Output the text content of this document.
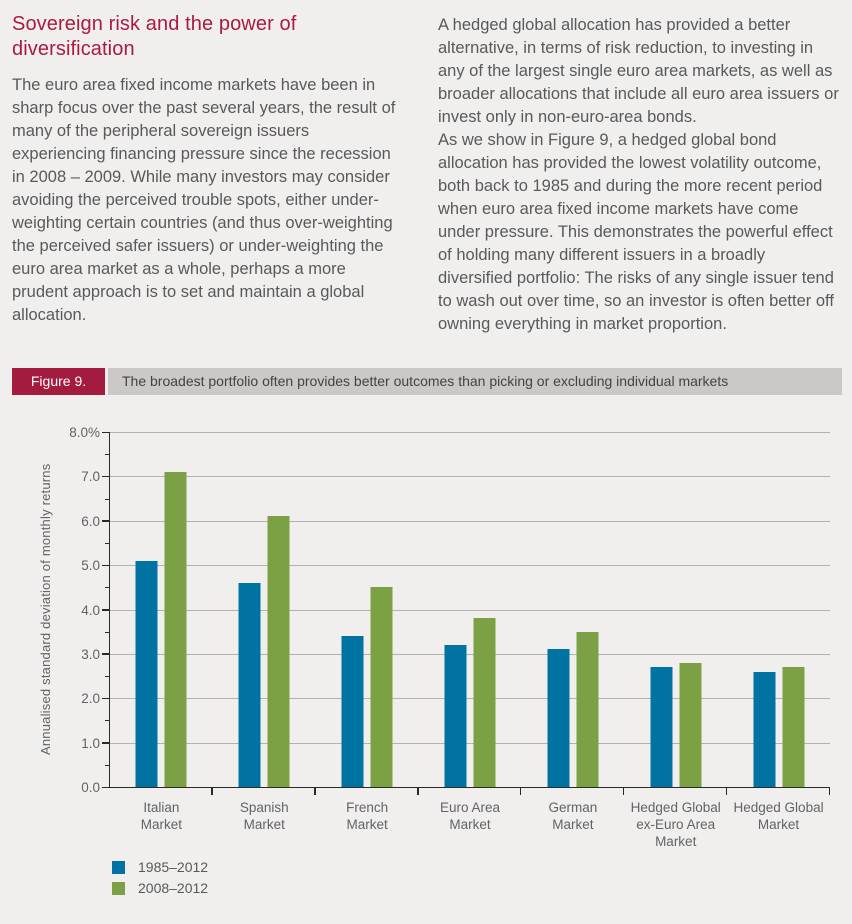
Sovereign risk and the power of diversification

The euro area fixed income markets have been in sharp focus over the past several years, the result of many of the peripheral sovereign issuers experiencing financing pressure since the recession in 2008 – 2009. While many investors may consider avoiding the perceived trouble spots, either under-weighting certain countries (and thus over-weighting the perceived safer issuers) or under-weighting the euro area market as a whole, perhaps a more prudent approach is to set and maintain a global allocation.

A hedged global allocation has provided a better alternative, in terms of risk reduction, to investing in any of the largest single euro area markets, as well as broader allocations that include all euro area issuers or invest only in non-euro-area bonds.

As we show in Figure 9, a hedged global bond allocation has provided the lowest volatility outcome, both back to 1985 and during the more recent period when euro area fixed income markets have come under pressure. This demonstrates the powerful effect of holding many different issuers in a broadly diversified portfolio: The risks of any single issuer tend to wash out over time, so an investor is often better off owning everything in market proportion.

Figure 9.	The broadest portfolio often provides better outcomes than picking or excluding individual markets
Annualised standard deviation of monthly returns
0.0
1.0
2.0
3.0
4.0
5.0
6.0
7.0
8.0%
Italian
Market
Spanish
Market
French
Market
Euro Area
Market
German
Market
Hedged Global
ex-Euro Area
Market
Hedged Global
Market
1985–2012
2008–2012
